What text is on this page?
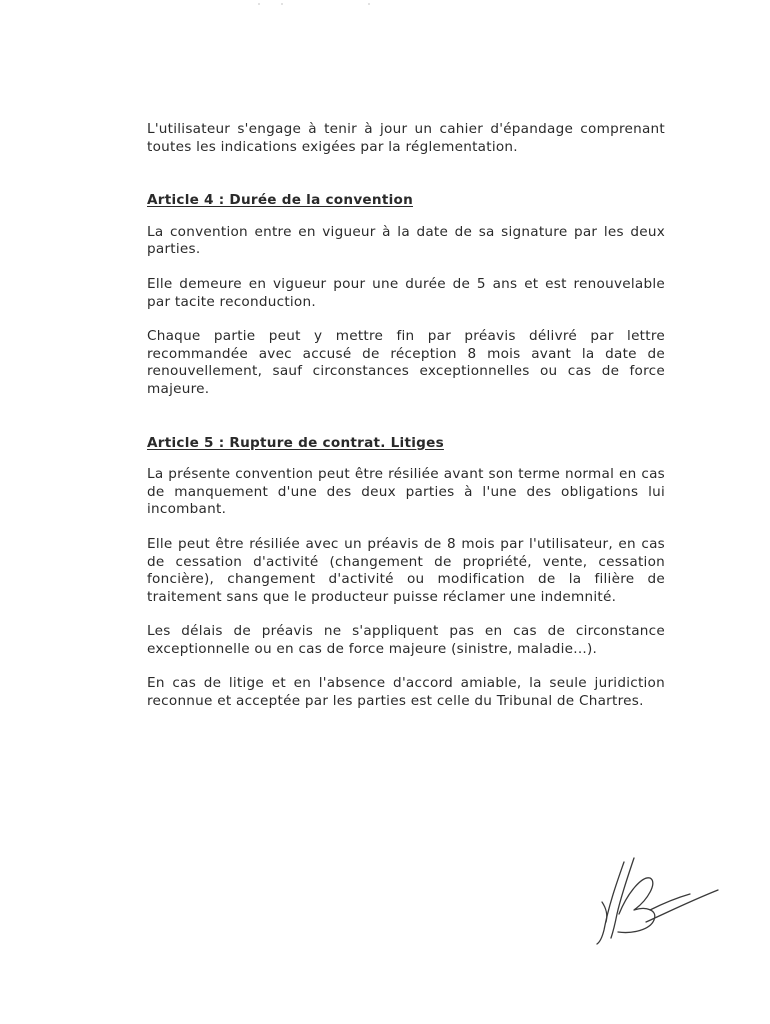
L'utilisateur s'engage à tenir à jour un cahier d'épandage comprenant toutes les indications exigées par la réglementation.

Article 4 : Durée de la convention

La convention entre en vigueur à la date de sa signature par les deux parties.

Elle demeure en vigueur pour une durée de 5 ans et est renouvelable par tacite reconduction.

Chaque partie peut y mettre fin par préavis délivré par lettre recommandée avec accusé de réception 8 mois avant la date de renouvellement, sauf circonstances exceptionnelles ou cas de force majeure.

Article 5 : Rupture de contrat. Litiges

La présente convention peut être résiliée avant son terme normal en cas de manquement d'une des deux parties à l'une des obligations lui incombant.

Elle peut être résiliée avec un préavis de 8 mois par l'utilisateur, en cas de cessation d'activité (changement de propriété, vente, cessation foncière), changement d'activité ou modification de la filière de traitement sans que le producteur puisse réclamer une indemnité.

Les délais de préavis ne s'appliquent pas en cas de circonstance exceptionnelle ou en cas de force majeure (sinistre, maladie...).

En cas de litige et en l'absence d'accord amiable, la seule juridiction reconnue et acceptée par les parties est celle du Tribunal de Chartres.
